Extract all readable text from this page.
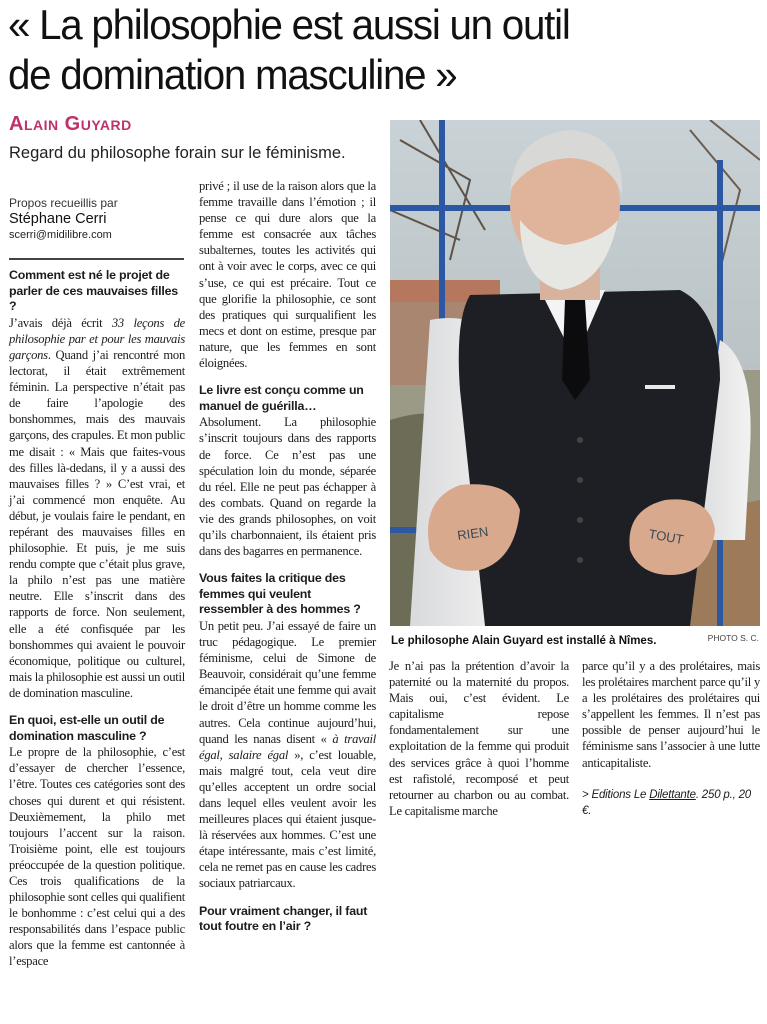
« La philosophie est aussi un outil
de domination masculine »
Alain Guyard
Regard du philosophe forain sur le féminisme.
Propos recueillis par
Stéphane Cerri
scerri@midilibre.com

Comment est né le projet de parler de ces mauvaises filles ?

J’avais déjà écrit 33 leçons de philosophie par et pour les mauvais garçons. Quand j’ai rencontré mon lectorat, il était extrêmement féminin. La perspective n’était pas de faire l’apologie des bonshommes, mais des mauvais garçons, des crapules. Et mon public me disait : « Mais que faites-vous des filles là-dedans, il y a aussi des mauvaises filles ? » C’est vrai, et j’ai commencé mon enquête. Au début, je voulais faire le pendant, en repérant des mauvaises filles en philosophie. Et puis, je me suis rendu compte que c’était plus grave, la philo n’est pas une matière neutre. Elle s’inscrit dans des rapports de force. Non seulement, elle a été confisquée par les bonshommes qui avaient le pouvoir économique, politique ou culturel, mais la philosophie est aussi un outil de domination masculine.

En quoi, est-elle un outil de domination masculine ?

Le propre de la philosophie, c’est d’essayer de chercher l’essence, l’être. Toutes ces catégories sont des choses qui durent et qui résistent. Deuxièmement, la philo met toujours l’accent sur la raison. Troisième point, elle est toujours préoccupée de la question politique. Ces trois qualifications de la philosophie sont celles qui qualifient le bonhomme : c’est celui qui a des responsabilités dans l’espace public alors que la femme est cantonnée à l’espace

privé ; il use de la raison alors que la femme travaille dans l’émotion ; il pense ce qui dure alors que la femme est consacrée aux tâches subalternes, toutes les activités qui ont à voir avec le corps, avec ce qui s’use, ce qui est précaire. Tout ce que glorifie la philosophie, ce sont des pratiques qui surqualifient les mecs et dont on estime, presque par nature, que les femmes en sont éloignées.

Le livre est conçu comme un manuel de guérilla…

Absolument. La philosophie s’inscrit toujours dans des rapports de force. Ce n’est pas une spéculation loin du monde, séparée du réel. Elle ne peut pas échapper à des combats. Quand on regarde la vie des grands philosophes, on voit qu’ils charbonnaient, ils étaient pris dans des bagarres en permanence.

Vous faites la critique des femmes qui veulent ressembler à des hommes ?

Un petit peu. J’ai essayé de faire un truc pédagogique. Le premier féminisme, celui de Simone de Beauvoir, considérait qu’une femme émancipée était une femme qui avait le droit d’être un homme comme les autres. Cela continue aujourd’hui, quand les nanas disent « à travail égal, salaire égal », c’est louable, mais malgré tout, cela veut dire qu’elles acceptent un ordre social dans lequel elles veulent avoir les meilleures places qui étaient jusque-là réservées aux hommes. C’est une étape intéressante, mais c’est limité, cela ne remet pas en cause les cadres sociaux patriarcaux.

Pour vraiment changer, il faut tout foutre en l’air ?

RIEN	TOUT
Le philosophe Alain Guyard est installé à Nîmes.	PHOTO S. C.

Je n’ai pas la prétention d’avoir la paternité ou la maternité du propos. Mais oui, c’est évident. Le capitalisme repose fondamentalement sur une exploitation de la femme qui produit des services grâce à quoi l’homme est rafistolé, recomposé et peut retourner au charbon ou au combat. Le capitalisme marche

parce qu’il y a des prolétaires, mais les prolétaires marchent parce qu’il y a les prolétaires des prolétaires qui s’appellent les femmes. Il n’est pas possible de penser aujourd’hui le féminisme sans l’associer à une lutte anticapitaliste.

> Editions Le Dilettante. 250 p., 20 €.
